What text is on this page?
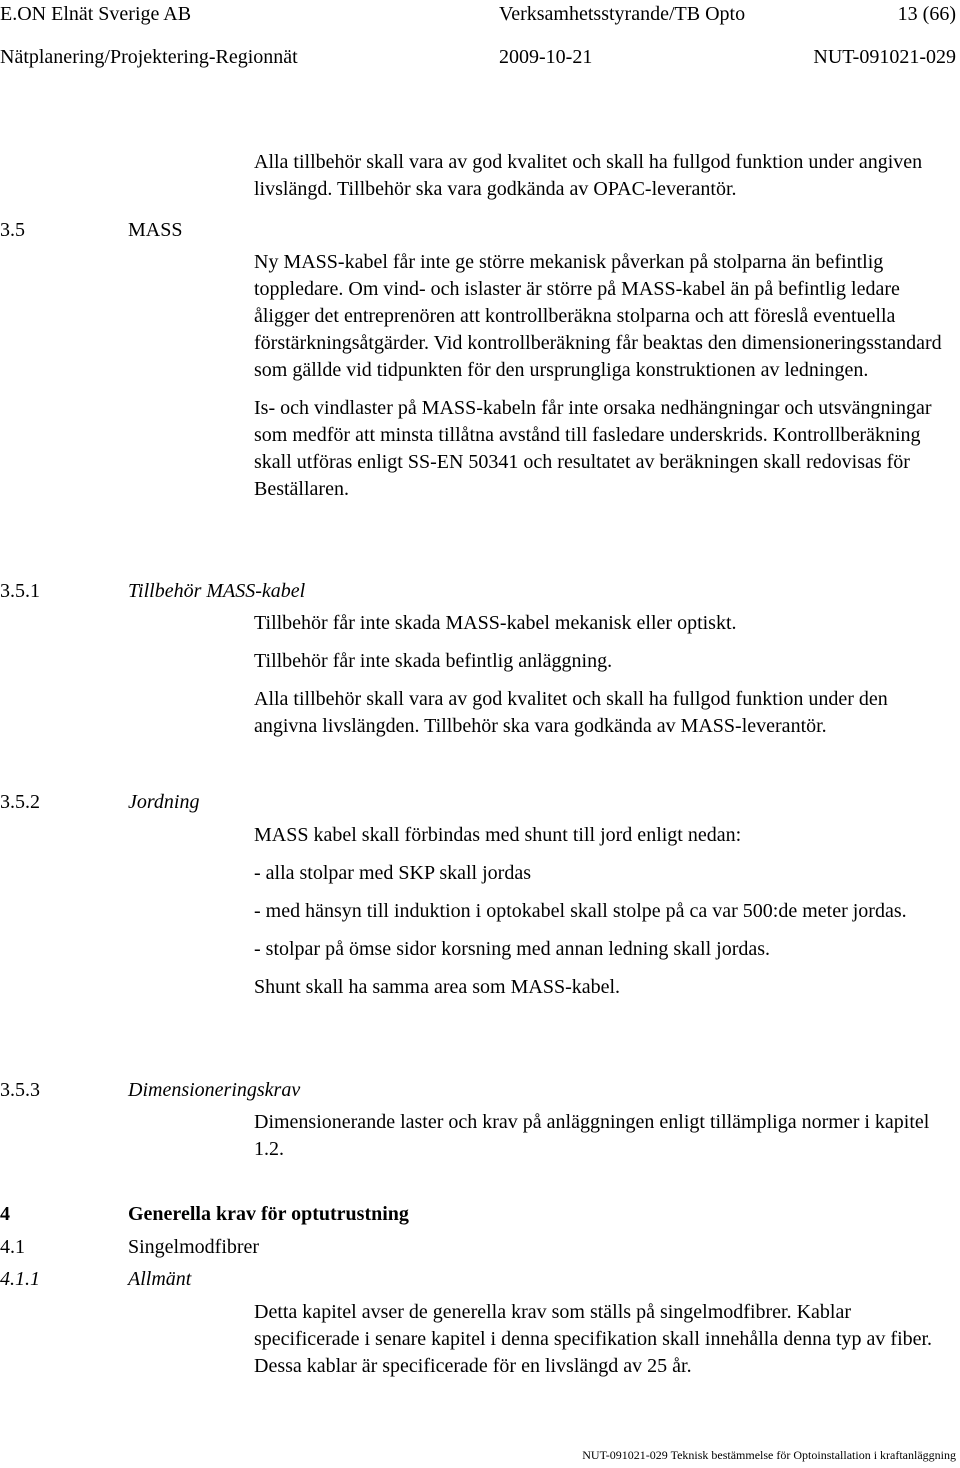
E.ON Elnät Sverige AB	Verksamhetsstyrande/TB Opto	13 (66)
Nätplanering/Projektering-Regionnät	2009-10-21	NUT-091021-029

Alla tillbehör skall vara av god kvalitet och skall ha fullgod funktion under angiven livslängd. Tillbehör ska vara godkända av OPAC-leverantör.

3.5	MASS

Ny MASS-kabel får inte ge större mekanisk påverkan på stolparna än befintlig toppledare. Om vind- och islaster är större på MASS-kabel än på befintlig ledare åligger det entreprenören att kontrollberäkna stolparna och att föreslå eventuella förstärkningsåtgärder. Vid kontrollberäkning får beaktas den dimensioneringsstandard som gällde vid tidpunkten för den ursprungliga konstruktionen av ledningen.

Is- och vindlaster på MASS-kabeln får inte orsaka nedhängningar och utsvängningar som medför att minsta tillåtna avstånd till fasledare underskrids. Kontrollberäkning skall utföras enligt SS-EN 50341 och resultatet av beräkningen skall redovisas för Beställaren.

3.5.1	Tillbehör MASS-kabel

Tillbehör får inte skada MASS-kabel mekanisk eller optiskt.

Tillbehör får inte skada befintlig anläggning.

Alla tillbehör skall vara av god kvalitet och skall ha fullgod funktion under den angivna livslängden. Tillbehör ska vara godkända av MASS-leverantör.

3.5.2	Jordning

MASS kabel skall förbindas med shunt till jord enligt nedan:

- alla stolpar med SKP skall jordas

- med hänsyn till induktion i optokabel skall stolpe på ca var 500:de meter jordas.

- stolpar på ömse sidor korsning med annan ledning skall jordas.

Shunt skall ha samma area som MASS-kabel.

3.5.3	Dimensioneringskrav

Dimensionerande laster och krav på anläggningen enligt tillämpliga normer i kapitel 1.2.

4	Generella krav för optutrustning
4.1	Singelmodfibrer
4.1.1	Allmänt

Detta kapitel avser de generella krav som ställs på singelmodfibrer. Kablar specificerade i senare kapitel i denna specifikation skall innehålla denna typ av fiber. Dessa kablar är specificerade för en livslängd av 25 år.

NUT-091021-029 Teknisk bestämmelse för Optoinstallation i kraftanläggning
